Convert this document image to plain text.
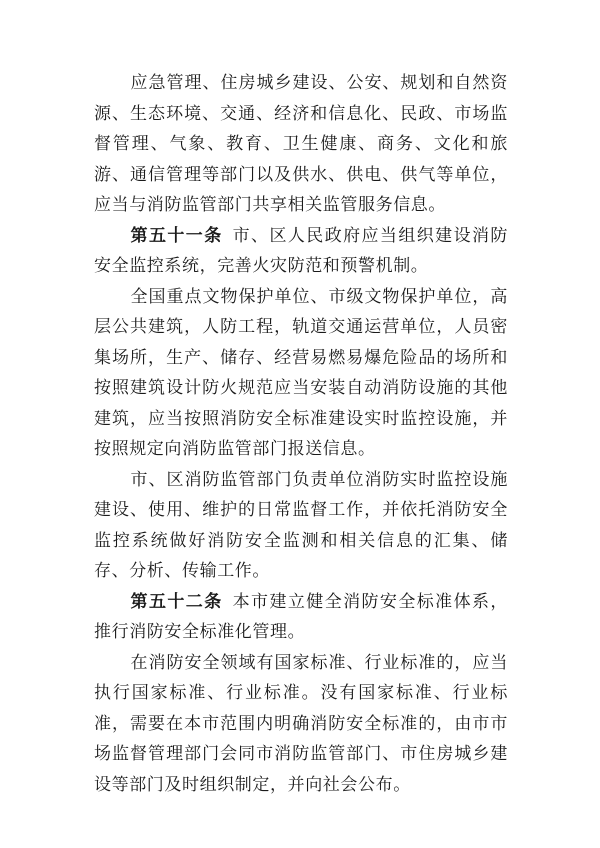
应急管理、住房城乡建设、公安、规划和自然资源、生态环境、交通、经济和信息化、民政、市场监督管理、气象、教育、卫生健康、商务、文化和旅游、通信管理等部门以及供水、供电、供气等单位，应当与消防监管部门共享相关监管服务信息。

第五十一条 市、区人民政府应当组织建设消防安全监控系统，完善火灾防范和预警机制。

全国重点文物保护单位、市级文物保护单位，高层公共建筑，人防工程，轨道交通运营单位，人员密集场所，生产、储存、经营易燃易爆危险品的场所和按照建筑设计防火规范应当安装自动消防设施的其他建筑，应当按照消防安全标准建设实时监控设施，并按照规定向消防监管部门报送信息。

市、区消防监管部门负责单位消防实时监控设施建设、使用、维护的日常监督工作，并依托消防安全监控系统做好消防安全监测和相关信息的汇集、储存、分析、传输工作。

第五十二条 本市建立健全消防安全标准体系，推行消防安全标准化管理。

在消防安全领域有国家标准、行业标准的，应当执行国家标准、行业标准。没有国家标准、行业标准，需要在本市范围内明确消防安全标准的，由市市场监督管理部门会同市消防监管部门、市住房城乡建设等部门及时组织制定，并向社会公布。
